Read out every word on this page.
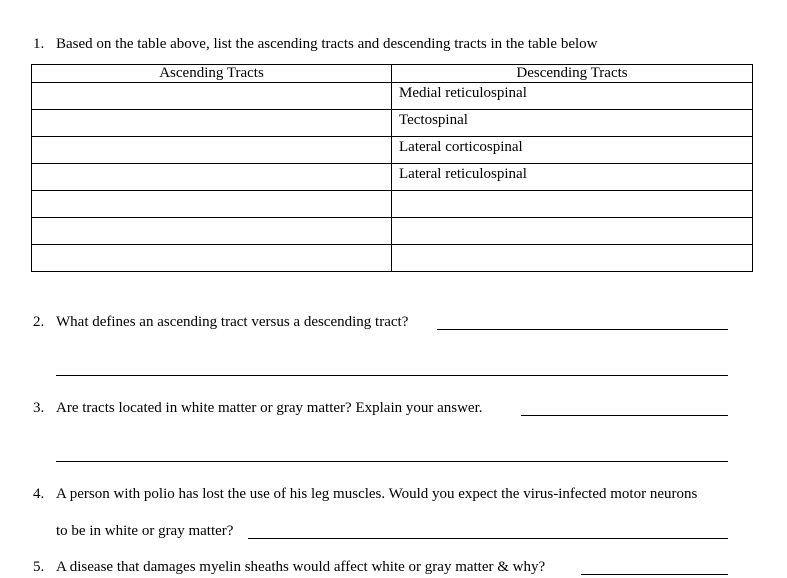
1. Based on the table above, list the ascending tracts and descending tracts in the table below
Ascending Tracts	Descending Tracts
	Medial reticulospinal
	Tectospinal
	Lateral corticospinal
	Lateral reticulospinal

2. What defines an ascending tract versus a descending tract?
3. Are tracts located in white matter or gray matter? Explain your answer.
4. A person with polio has lost the use of his leg muscles. Would you expect the virus-infected motor neurons
to be in white or gray matter?
5. A disease that damages myelin sheaths would affect white or gray matter & why?
